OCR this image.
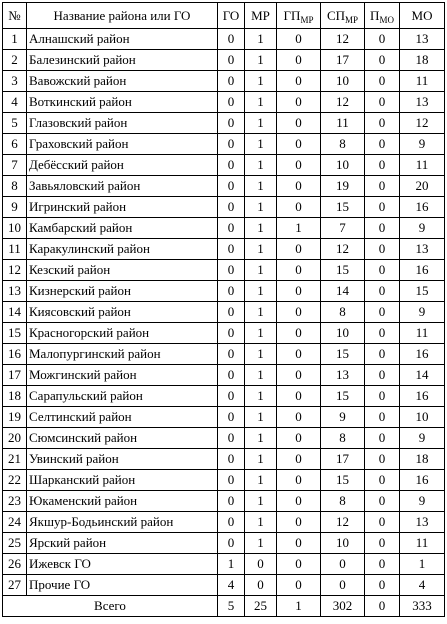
№	Название района или ГО	ГО	МР	$ГП_{МР}$	$СП_{МР}$	$П_{МО}$	МО
1	Алнашский район	0	1	0	12	0	13
2	Балезинский район	0	1	0	17	0	18
3	Вавожский район	0	1	0	10	0	11
4	Воткинский район	0	1	0	12	0	13
5	Глазовский район	0	1	0	11	0	12
6	Граховский район	0	1	0	8	0	9
7	Дебёсский район	0	1	0	10	0	11
8	Завьяловский район	0	1	0	19	0	20
9	Игринский район	0	1	0	15	0	16
10	Камбарский район	0	1	1	7	0	9
11	Каракулинский район	0	1	0	12	0	13
12	Кезский район	0	1	0	15	0	16
13	Кизнерский район	0	1	0	14	0	15
14	Киясовский район	0	1	0	8	0	9
15	Красногорский район	0	1	0	10	0	11
16	Малопургинский район	0	1	0	15	0	16
17	Можгинский район	0	1	0	13	0	14
18	Сарапульский район	0	1	0	15	0	16
19	Селтинский район	0	1	0	9	0	10
20	Сюмсинский район	0	1	0	8	0	9
21	Увинский район	0	1	0	17	0	18
22	Шарканский район	0	1	0	15	0	16
23	Юкаменский район	0	1	0	8	0	9
24	Якшур-Бодьинский район	0	1	0	12	0	13
25	Ярский район	0	1	0	10	0	11
26	Ижевск ГО	1	0	0	0	0	1
27	Прочие ГО	4	0	0	0	0	4
Всего		5	25	1	302	0	333
